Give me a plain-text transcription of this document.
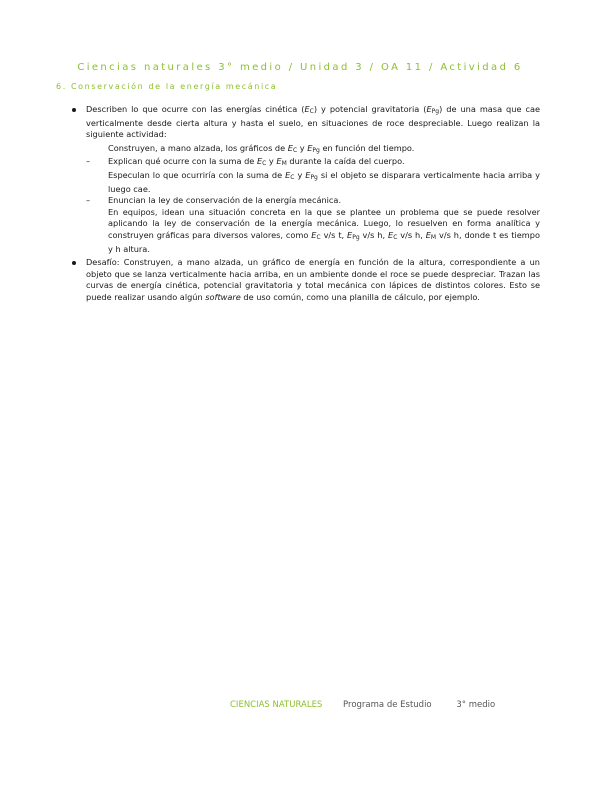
Ciencias naturales 3° medio / Unidad 3 / OA 11 / Actividad 6
6. Conservación de la energía mecánica
Describen lo que ocurre con las energías cinética (EC) y potencial gravitatoria (EPg) de una masa que cae verticalmente desde cierta altura y hasta el suelo, en situaciones de roce despreciable. Luego realizan la siguiente actividad:
Construyen, a mano alzada, los gráficos de EC y EPg en función del tiempo.
– Explican qué ocurre con la suma de EC y EM durante la caída del cuerpo.
Especulan lo que ocurriría con la suma de EC y EPg si el objeto se disparara verticalmente hacia arriba y luego cae.
– Enuncian la ley de conservación de la energía mecánica.
En equipos, idean una situación concreta en la que se plantee un problema que se puede resolver aplicando la ley de conservación de la energía mecánica. Luego, lo resuelven en forma analítica y construyen gráficas para diversos valores, como EC v/s t, EPg v/s h, EC v/s h, EM v/s h, donde t es tiempo y h altura.
Desafío: Construyen, a mano alzada, un gráfico de energía en función de la altura, correspondiente a un objeto que se lanza verticalmente hacia arriba, en un ambiente donde el roce se puede despreciar. Trazan las curvas de energía cinética, potencial gravitatoria y total mecánica con lápices de distintos colores. Esto se puede realizar usando algún software de uso común, como una planilla de cálculo, por ejemplo.
CIENCIAS NATURALES Programa de Estudio	3° medio
